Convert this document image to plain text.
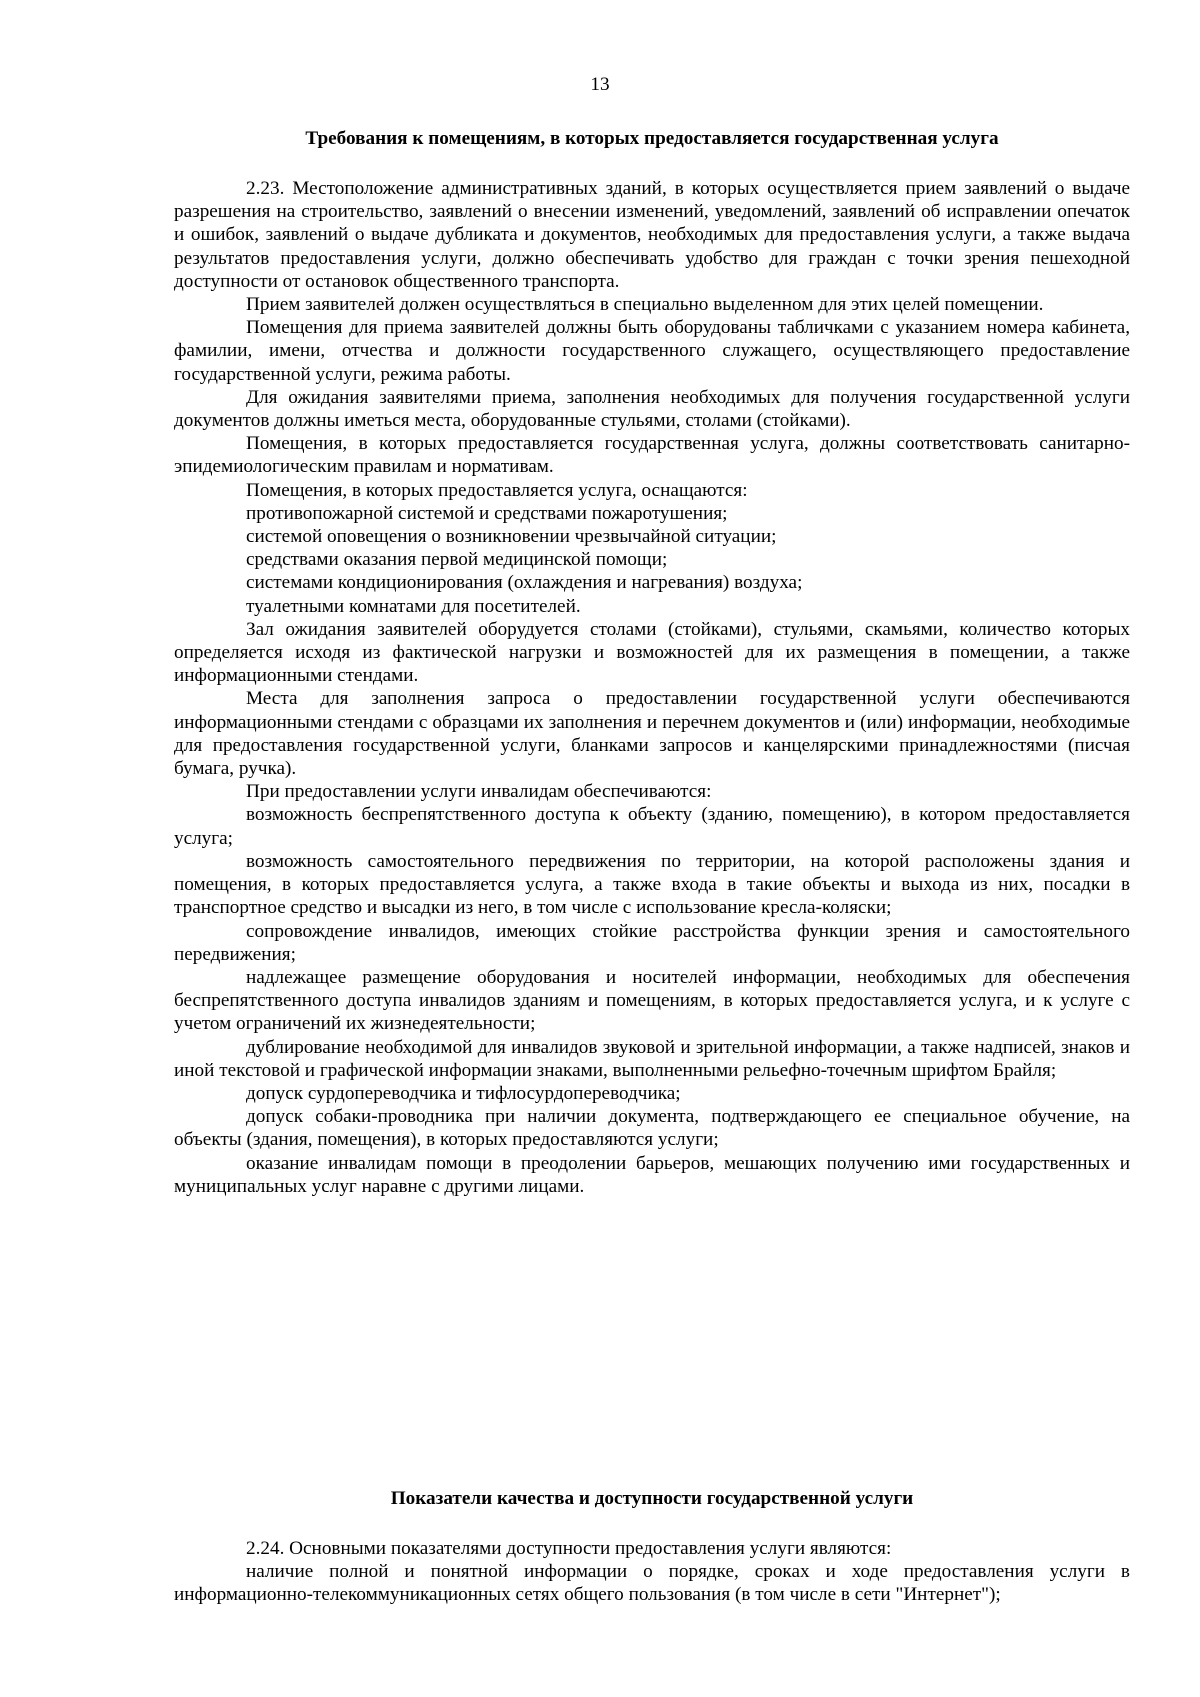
13
Требования к помещениям, в которых предоставляется государственная услуга

2.23. Местоположение административных зданий, в которых осуществляется прием заявлений о выдаче разрешения на строительство, заявлений о внесении изменений, уведомлений, заявлений об исправлении опечаток и ошибок, заявлений о выдаче дубликата и документов, необходимых для предоставления услуги, а также выдача результатов предоставления услуги, должно обеспечивать удобство для граждан с точки зрения пешеходной доступности от остановок общественного транспорта.

Прием заявителей должен осуществляться в специально выделенном для этих целей помещении.

Помещения для приема заявителей должны быть оборудованы табличками с указанием номера кабинета, фамилии, имени, отчества и должности государственного служащего, осуществляющего предоставление государственной услуги, режима работы.

Для ожидания заявителями приема, заполнения необходимых для получения государственной услуги документов должны иметься места, оборудованные стульями, столами (стойками).

Помещения, в которых предоставляется государственная услуга, должны соответствовать санитарно-эпидемиологическим правилам и нормативам.

Помещения, в которых предоставляется услуга, оснащаются:

противопожарной системой и средствами пожаротушения;

системой оповещения о возникновении чрезвычайной ситуации;

средствами оказания первой медицинской помощи;

системами кондиционирования (охлаждения и нагревания) воздуха;

туалетными комнатами для посетителей.

Зал ожидания заявителей оборудуется столами (стойками), стульями, скамьями, количество которых определяется исходя из фактической нагрузки и возможностей для их размещения в помещении, а также информационными стендами.

Места для заполнения запроса о предоставлении государственной услуги обеспечиваются информационными стендами с образцами их заполнения и перечнем документов и (или) информации, необходимые для предоставления государственной услуги, бланками запросов и канцелярскими принадлежностями (писчая бумага, ручка).

При предоставлении услуги инвалидам обеспечиваются:

возможность беспрепятственного доступа к объекту (зданию, помещению), в котором предоставляется услуга;

возможность самостоятельного передвижения по территории, на которой расположены здания и помещения, в которых предоставляется услуга, а также входа в такие объекты и выхода из них, посадки в транспортное средство и высадки из него, в том числе с использование кресла-коляски;

сопровождение инвалидов, имеющих стойкие расстройства функции зрения и самостоятельного передвижения;

надлежащее размещение оборудования и носителей информации, необходимых для обеспечения беспрепятственного доступа инвалидов зданиям и помещениям, в которых предоставляется услуга, и к услуге с учетом ограничений их жизнедеятельности;

дублирование необходимой для инвалидов звуковой и зрительной информации, а также надписей, знаков и иной текстовой и графической информации знаками, выполненными рельефно-точечным шрифтом Брайля;

допуск сурдопереводчика и тифлосурдопереводчика;

допуск собаки-проводника при наличии документа, подтверждающего ее специальное обучение, на объекты (здания, помещения), в которых предоставляются услуги;

оказание инвалидам помощи в преодолении барьеров, мешающих получению ими государственных и муниципальных услуг наравне с другими лицами.

Показатели качества и доступности государственной услуги

2.24. Основными показателями доступности предоставления услуги являются:

наличие полной и понятной информации о порядке, сроках и ходе предоставления услуги в информационно-телекоммуникационных сетях общего пользования (в том числе в сети "Интернет");
